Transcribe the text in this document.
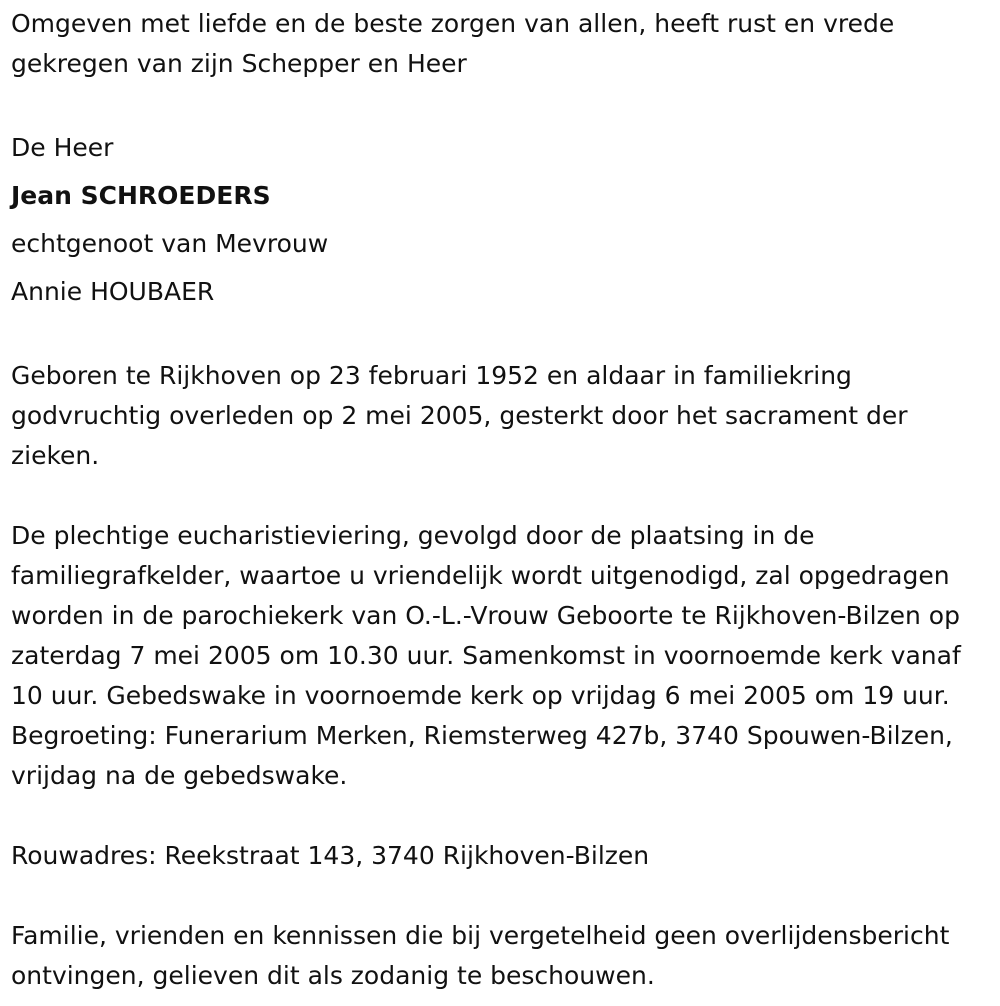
Omgeven met liefde en de beste zorgen van allen, heeft rust en vrede gekregen van zijn Schepper en Heer

De Heer

Jean SCHROEDERS

echtgenoot van Mevrouw

Annie HOUBAER

Geboren te Rijkhoven op 23 februari 1952 en aldaar in familiekring godvruchtig overleden op 2 mei 2005, gesterkt door het sacrament der zieken.

De plechtige eucharistieviering, gevolgd door de plaatsing in de familiegrafkelder, waartoe u vriendelijk wordt uitgenodigd, zal opgedragen worden in de parochiekerk van O.-L.-Vrouw Geboorte te Rijkhoven-Bilzen op zaterdag 7 mei 2005 om 10.30 uur. Samenkomst in voornoemde kerk vanaf 10 uur. Gebedswake in voornoemde kerk op vrijdag 6 mei 2005 om 19 uur. Begroeting: Funerarium Merken, Riemsterweg 427b, 3740 Spouwen-Bilzen, vrijdag na de gebedswake.

Rouwadres: Reekstraat 143, 3740 Rijkhoven-Bilzen

Familie, vrienden en kennissen die bij vergetelheid geen overlijdensbericht ontvingen, gelieven dit als zodanig te beschouwen.
